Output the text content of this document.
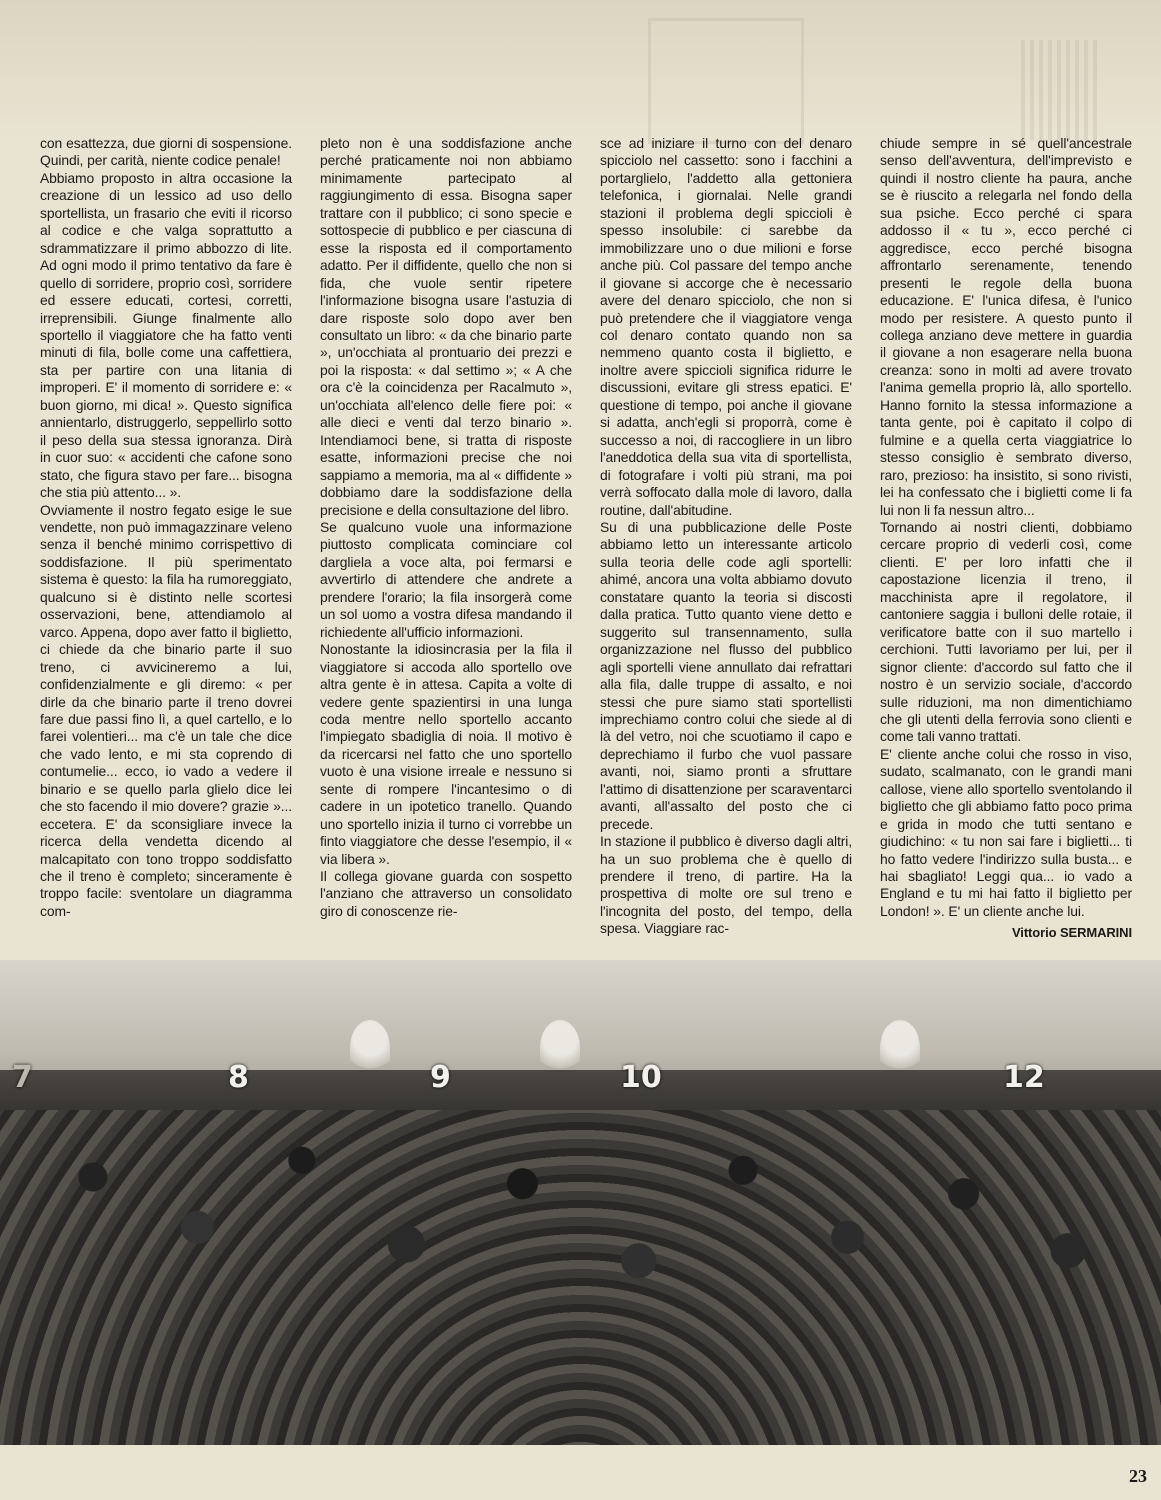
con esattezza, due giorni di sospensione. Quindi, per carità, niente codice penale!

Abbiamo proposto in altra occasione la creazione di un lessico ad uso dello sportellista, un frasario che eviti il ricorso al codice e che valga soprattutto a sdrammatizzare il primo abbozzo di lite. Ad ogni modo il primo tentativo da fare è quello di sorridere, proprio così, sorridere ed essere educati, cortesi, corretti, irreprensibili. Giunge finalmente allo sportello il viaggiatore che ha fatto venti minuti di fila, bolle come una caffettiera, sta per partire con una litania di improperi. E' il momento di sorridere e: « buon giorno, mi dica! ». Questo significa annientarlo, distruggerlo, seppellirlo sotto il peso della sua stessa ignoranza. Dirà in cuor suo: « accidenti che cafone sono stato, che figura stavo per fare... bisogna che stia più attento... ».

Ovviamente il nostro fegato esige le sue vendette, non può immagazzinare veleno senza il benché minimo corrispettivo di soddisfazione. Il più sperimentato sistema è questo: la fila ha rumoreggiato, qualcuno si è distinto nelle scortesi osservazioni, bene, attendiamolo al varco. Appena, dopo aver fatto il biglietto, ci chiede da che binario parte il suo treno, ci avvicineremo a lui, confidenzialmente e gli diremo: « per dirle da che binario parte il treno dovrei fare due passi fino lì, a quel cartello, e lo farei volentieri... ma c'è un tale che dice che vado lento, e mi sta coprendo di contumelie... ecco, io vado a vedere il binario e se quello parla glielo dice lei che sto facendo il mio dovere? grazie »... eccetera. E' da sconsigliare invece la ricerca della vendetta dicendo al malcapitato con tono troppo soddisfatto che il treno è completo; sinceramente è troppo facile: sventolare un diagramma com-

pleto non è una soddisfazione anche perché praticamente noi non abbiamo minimamente partecipato al raggiungimento di essa. Bisogna saper trattare con il pubblico; ci sono specie e sottospecie di pubblico e per ciascuna di esse la risposta ed il comportamento adatto. Per il diffidente, quello che non si fida, che vuole sentir ripetere l'informazione bisogna usare l'astuzia di dare risposte solo dopo aver ben consultato un libro: « da che binario parte », un'occhiata al prontuario dei prezzi e poi la risposta: « dal settimo »; « A che ora c'è la coincidenza per Racalmuto », un'occhiata all'elenco delle fiere poi: « alle dieci e venti dal terzo binario ». Intendiamoci bene, si tratta di risposte esatte, informazioni precise che noi sappiamo a memoria, ma al « diffidente » dobbiamo dare la soddisfazione della precisione e della consultazione del libro.

Se qualcuno vuole una informazione piuttosto complicata cominciare col dargliela a voce alta, poi fermarsi e avvertirlo di attendere che andrete a prendere l'orario; la fila insorgerà come un sol uomo a vostra difesa mandando il richiedente all'ufficio informazioni.

Nonostante la idiosincrasia per la fila il viaggiatore si accoda allo sportello ove altra gente è in attesa. Capita a volte di vedere gente spazientirsi in una lunga coda mentre nello sportello accanto l'impiegato sbadiglia di noia. Il motivo è da ricercarsi nel fatto che uno sportello vuoto è una visione irreale e nessuno si sente di rompere l'incantesimo o di cadere in un ipotetico tranello. Quando uno sportello inizia il turno ci vorrebbe un finto viaggiatore che desse l'esempio, il « via libera ».

Il collega giovane guarda con sospetto l'anziano che attraverso un consolidato giro di conoscenze rie-

sce ad iniziare il turno con del denaro spicciolo nel cassetto: sono i facchini a portarglielo, l'addetto alla gettoniera telefonica, i giornalai. Nelle grandi stazioni il problema degli spiccioli è spesso insolubile: ci sarebbe da immobilizzare uno o due milioni e forse anche più. Col passare del tempo anche il giovane si accorge che è necessario avere del denaro spicciolo, che non si può pretendere che il viaggiatore venga col denaro contato quando non sa nemmeno quanto costa il biglietto, e inoltre avere spiccioli significa ridurre le discussioni, evitare gli stress epatici. E' questione di tempo, poi anche il giovane si adatta, anch'egli si proporrà, come è successo a noi, di raccogliere in un libro l'aneddotica della sua vita di sportellista, di fotografare i volti più strani, ma poi verrà soffocato dalla mole di lavoro, dalla routine, dall'abitudine.

Su di una pubblicazione delle Poste abbiamo letto un interessante articolo sulla teoria delle code agli sportelli: ahimé, ancora una volta abbiamo dovuto constatare quanto la teoria si discosti dalla pratica. Tutto quanto viene detto e suggerito sul transennamento, sulla organizzazione nel flusso del pubblico agli sportelli viene annullato dai refrattari alla fila, dalle truppe di assalto, e noi stessi che pure siamo stati sportellisti imprechiamo contro colui che siede al di là del vetro, noi che scuotiamo il capo e deprechiamo il furbo che vuol passare avanti, noi, siamo pronti a sfruttare l'attimo di disattenzione per scaraventarci avanti, all'assalto del posto che ci precede.

In stazione il pubblico è diverso dagli altri, ha un suo problema che è quello di prendere il treno, di partire. Ha la prospettiva di molte ore sul treno e l'incognita del posto, del tempo, della spesa. Viaggiare rac-

chiude sempre in sé quell'ancestrale senso dell'avventura, dell'imprevisto e quindi il nostro cliente ha paura, anche se è riuscito a relegarla nel fondo della sua psiche. Ecco perché ci spara addosso il « tu », ecco perché ci aggredisce, ecco perché bisogna affrontarlo serenamente, tenendo presenti le regole della buona educazione. E' l'unica difesa, è l'unico modo per resistere. A questo punto il collega anziano deve mettere in guardia il giovane a non esagerare nella buona creanza: sono in molti ad avere trovato l'anima gemella proprio là, allo sportello. Hanno fornito la stessa informazione a tanta gente, poi è capitato il colpo di fulmine e a quella certa viaggiatrice lo stesso consiglio è sembrato diverso, raro, prezioso: ha insistito, si sono rivisti, lei ha confessato che i biglietti come li fa lui non li fa nessun altro...

Tornando ai nostri clienti, dobbiamo cercare proprio di vederli così, come clienti. E' per loro infatti che il capostazione licenzia il treno, il macchinista apre il regolatore, il cantoniere saggia i bulloni delle rotaie, il verificatore batte con il suo martello i cerchioni. Tutti lavoriamo per lui, per il signor cliente: d'accordo sul fatto che il nostro è un servizio sociale, d'accordo sulle riduzioni, ma non dimentichiamo che gli utenti della ferrovia sono clienti e come tali vanno trattati.

E' cliente anche colui che rosso in viso, sudato, scalmanato, con le grandi mani callose, viene allo sportello sventolando il biglietto che gli abbiamo fatto poco prima e grida in modo che tutti sentano e giudichino: « tu non sai fare i biglietti... ti ho fatto vedere l'indirizzo sulla busta... e hai sbagliato! Leggi qua... io vado a England e tu mi hai fatto il biglietto per London! ». E' un cliente anche lui.

Vittorio SERMARINI
7	8	9	10	12
23
